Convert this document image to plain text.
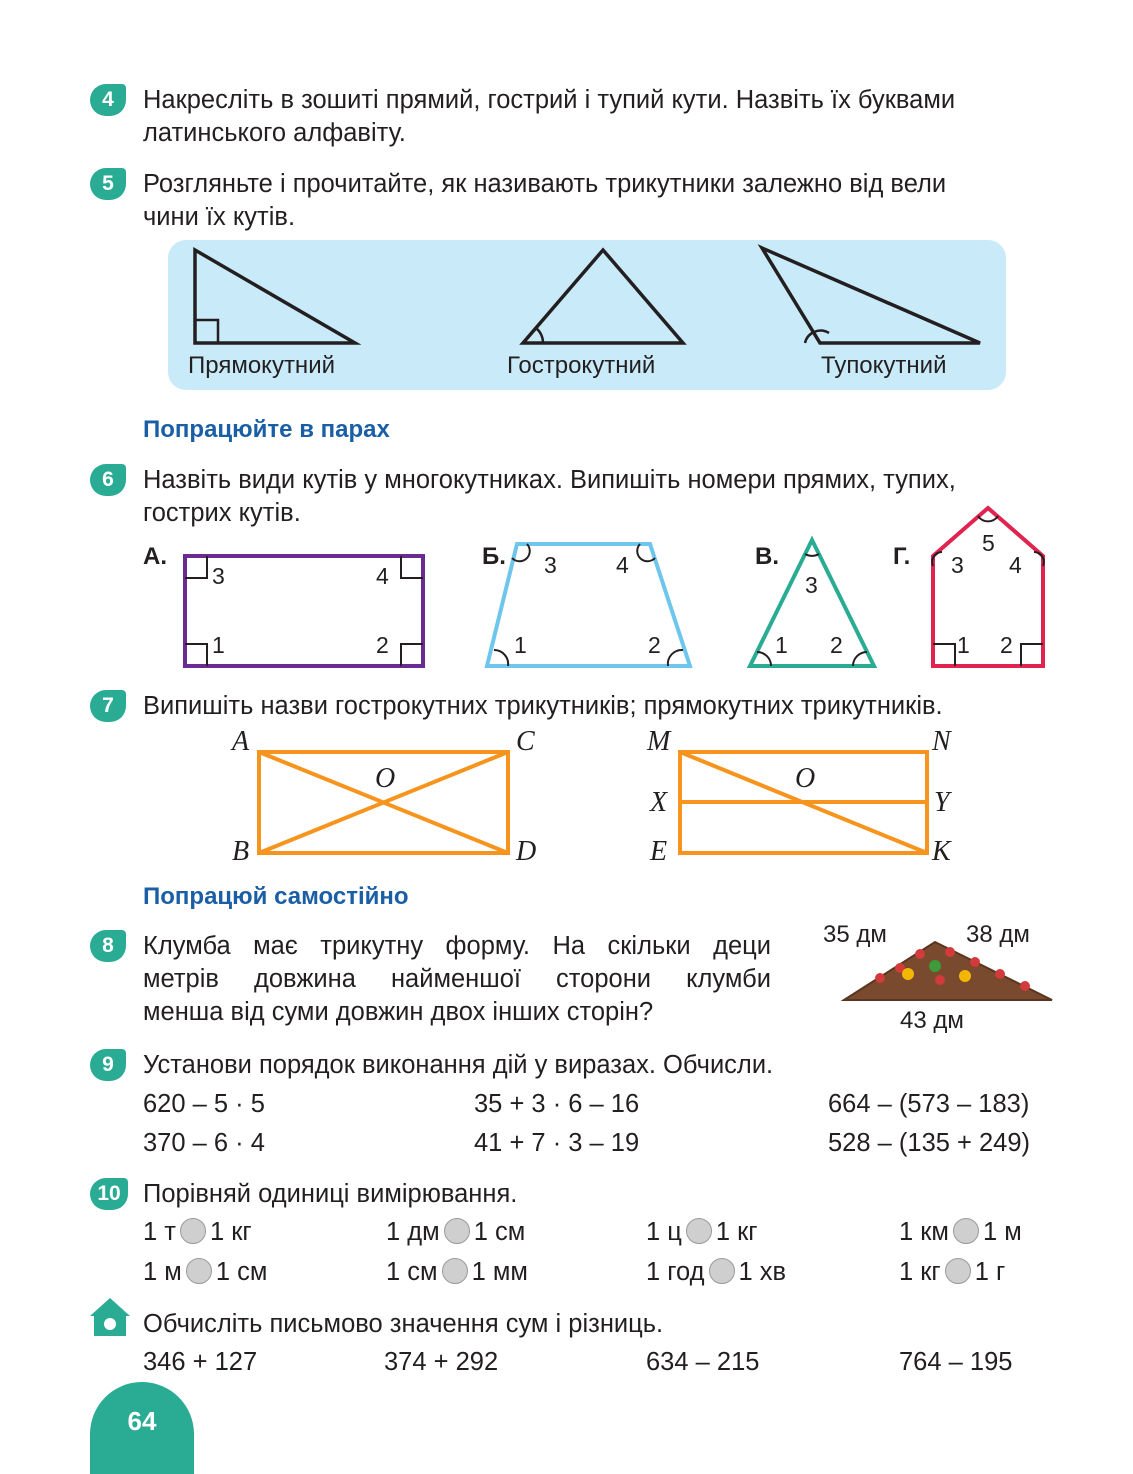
4	Накресліть в зошиті прямий, гострий і тупий кути. Назвіть їх буквами латинського алфавіту.
5	Розгляньте і прочитайте, як називають трикутники залежно від вели
чини їх кутів.
Прямокутний	Гострокутний	Тупокутний
Попрацюйте в парах
6	Назвіть види кутів у многокутниках. Випишіть номери прямих, тупих,
гострих кутів.
А.
3	4
1	2
Б. 3	4
1	2
В.
3
1 2
Г.	5
3 4
1 2
7	Випишіть назви гострокутних трикутників; прямокутних трикутників.
A	C
O
B	D
M	N
O
X	Y
E	K
Попрацюй самостійно
8	Клумба має трикутну форму. На скільки деци
метрів довжина найменшої сторони клумби
менша від суми довжин двох інших сторін?
35 дм	38 дм
43 дм
9	Установи порядок виконання дій у виразах. Обчисли.
620 – 5 · 5	35 + 3 · 6 – 16	664 – (573 – 183)
370 – 6 · 4	41 + 7 · 3 – 19	528 – (135 + 249)
10 Порівняй одиниці вимірювання.
1 т 1 кг	1 дм 1 см	1 ц 1 кг	1 км 1 м
1 м 1 см	1 см 1 мм	1 год 1 хв	1 кг 1 г
Обчисліть письмово значення сум і різниць.
346 + 127	374 + 292	634 – 215	764 – 195
64
